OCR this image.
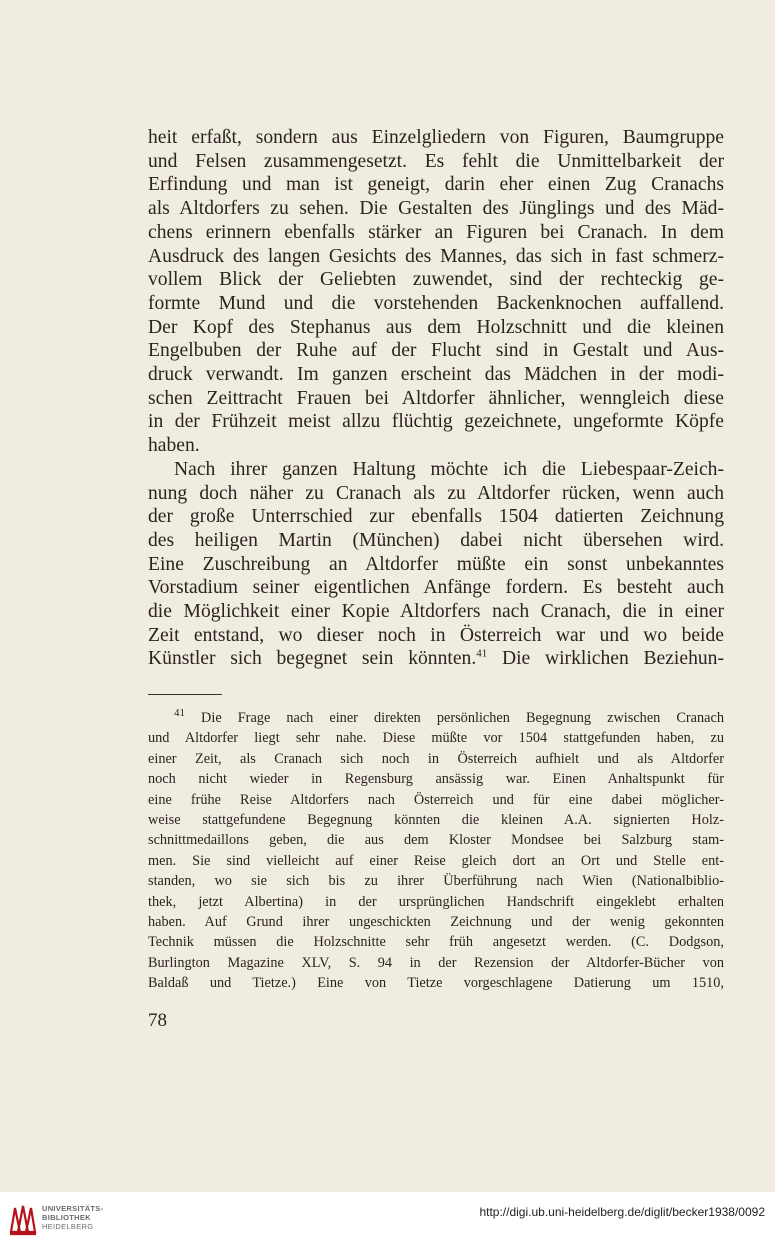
heit erfaßt, sondern aus Einzelgliedern von Figuren, Baumgruppe
und Felsen zusammengesetzt. Es fehlt die Unmittelbarkeit der
Erfindung und man ist geneigt, darin eher einen Zug Cranachs
als Altdorfers zu sehen. Die Gestalten des Jünglings und des Mäd-
chens erinnern ebenfalls stärker an Figuren bei Cranach. In dem
Ausdruck des langen Gesichts des Mannes, das sich in fast schmerz-
vollem Blick der Geliebten zuwendet, sind der rechteckig ge-
formte Mund und die vorstehenden Backenknochen auffallend.
Der Kopf des Stephanus aus dem Holzschnitt und die kleinen
Engelbuben der Ruhe auf der Flucht sind in Gestalt und Aus-
druck verwandt. Im ganzen erscheint das Mädchen in der modi-
schen Zeittracht Frauen bei Altdorfer ähnlicher, wenngleich diese
in der Frühzeit meist allzu flüchtig gezeichnete, ungeformte Köpfe
haben.

Nach ihrer ganzen Haltung möchte ich die Liebespaar-Zeich-
nung doch näher zu Cranach als zu Altdorfer rücken, wenn auch
der große Unterrschied zur ebenfalls 1504 datierten Zeichnung
des heiligen Martin (München) dabei nicht übersehen wird.
Eine Zuschreibung an Altdorfer müßte ein sonst unbekanntes
Vorstadium seiner eigentlichen Anfänge fordern. Es besteht auch
die Möglichkeit einer Kopie Altdorfers nach Cranach, die in einer
Zeit entstand, wo dieser noch in Österreich war und wo beide
Künstler sich begegnet sein könnten.$^{41}$ Die wirklichen Beziehun-

$^{41}$ Die Frage nach einer direkten persönlichen Begegnung zwischen Cranach
und Altdorfer liegt sehr nahe. Diese müßte vor 1504 stattgefunden haben, zu
einer Zeit, als Cranach sich noch in Österreich aufhielt und als Altdorfer
noch nicht wieder in Regensburg ansässig war. Einen Anhaltspunkt für
eine frühe Reise Altdorfers nach Österreich und für eine dabei möglicher-
weise stattgefundene Begegnung könnten die kleinen A.A. signierten Holz-
schnittmedaillons geben, die aus dem Kloster Mondsee bei Salzburg stam-
men. Sie sind vielleicht auf einer Reise gleich dort an Ort und Stelle ent-
standen, wo sie sich bis zu ihrer Überführung nach Wien (Nationalbiblio-
thek, jetzt Albertina) in der ursprünglichen Handschrift eingeklebt erhalten
haben. Auf Grund ihrer ungeschickten Zeichnung und der wenig gekonnten
Technik müssen die Holzschnitte sehr früh angesetzt werden. (C. Dodgson,
Burlington Magazine XLV, S. 94 in der Rezension der Altdorfer-Bücher von
Baldaß und Tietze.) Eine von Tietze vorgeschlagene Datierung um 1510,
78
UNIVERSITÄTS-
BIBLIOTHEK
HEIDELBERG
http://digi.ub.uni-heidelberg.de/diglit/becker1938/0092
